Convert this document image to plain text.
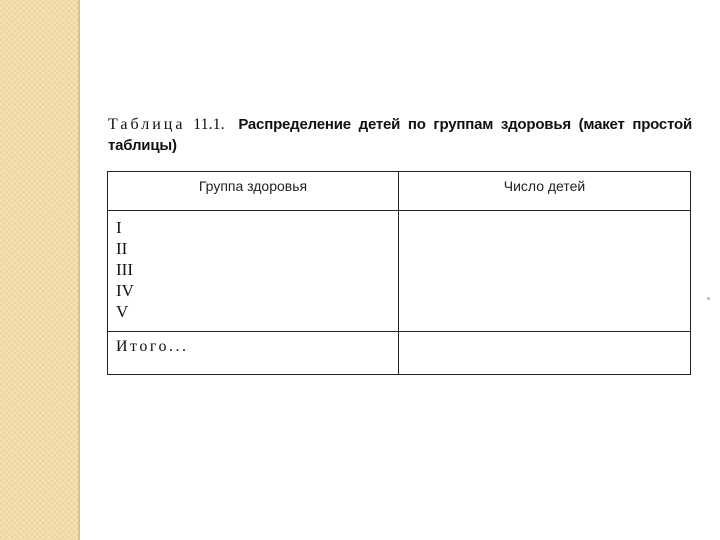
Таблица 11.1. Распределение детей по группам здоровья (макет простой таблицы)
Группа здоровья	Число детей

I
II
III
IV
V	

Итого...	
